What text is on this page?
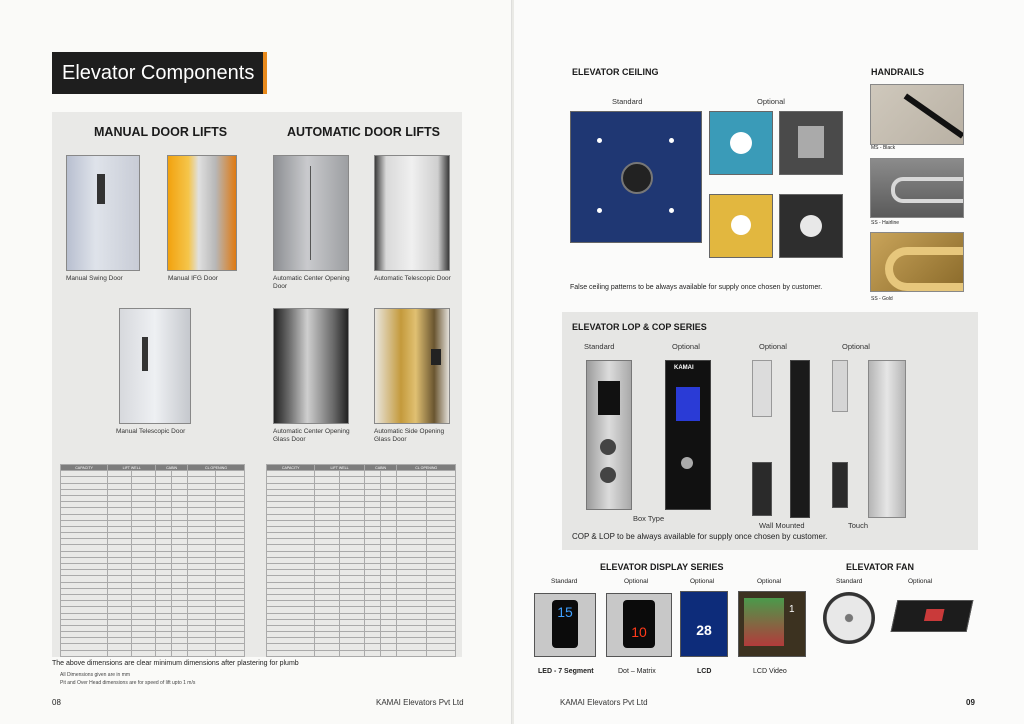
Elevator Components
MANUAL DOOR LIFTS	AUTOMATIC DOOR LIFTS
Manual Swing Door	Manual IFG Door
Manual Telescopic Door
Automatic Center Opening Door
Automatic Telescopic Door
Automatic Center Opening Glass Door
Automatic Side Opening Glass Door
CAPACITY	LIFT WELL		CABIN		CL OPENING	

							CAPACITY	LIFT WELL		CABIN		CL OPENING	

The above dimensions are clear minimum dimensions after plastering for plumb
All Dimensions given are in mm
Pit and Over Head dimensions are for speed of lift upto 1 m/s
08	KAMAI Elevators Pvt Ltd
ELEVATOR CEILING
Standard	Optional
False ceiling patterns to be always available for supply once chosen by customer.
HANDRAILS
MS - Black
SS - Hairline
SS - Gold
ELEVATOR LOP & COP SERIES
Standard	Optional	Optional	Optional
KAMAI
Box Type
Wall Mounted	Touch
COP & LOP to be always available for supply once chosen by customer.
ELEVATOR DISPLAY SERIES
Standard	Optional	Optional	Optional
15
10	28
1
LED - 7 Segment	Dot – Matrix	LCD	LCD Video
ELEVATOR FAN
Standard	Optional
KAMAI Elevators Pvt Ltd	09
